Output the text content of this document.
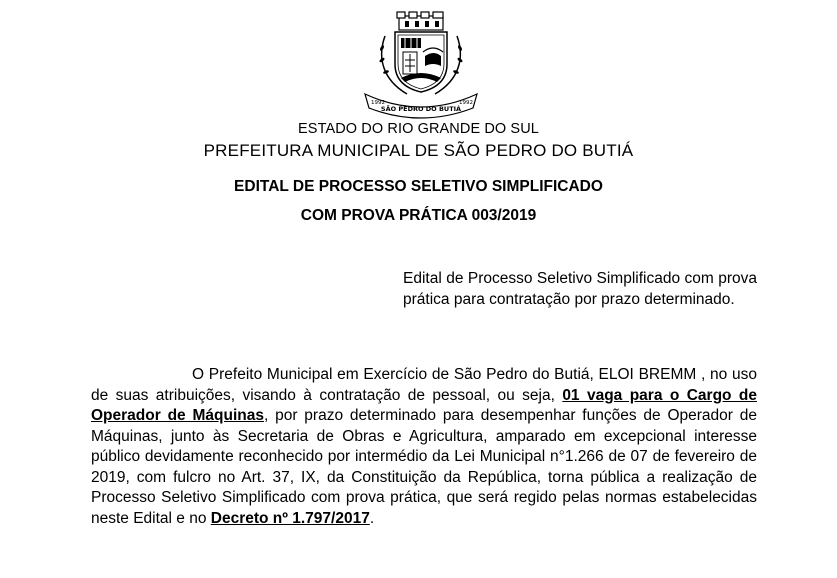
1992
SÃO PEDRO DO BUTIÁ
1992
ESTADO DO RIO GRANDE DO SUL
PREFEITURA MUNICIPAL DE SÃO PEDRO DO BUTIÁ
EDITAL DE PROCESSO SELETIVO SIMPLIFICADO
COM PROVA PRÁTICA 003/2019
Edital de Processo Seletivo Simplificado com prova prática para contratação por prazo determinado.
O Prefeito Municipal em Exercício de São Pedro do Butiá, ELOI BREMM , no uso de suas atribuições, visando à contratação de pessoal, ou seja, 01 vaga para o Cargo de Operador de Máquinas, por prazo determinado para desempenhar funções de Operador de Máquinas, junto às Secretaria de Obras e Agricultura, amparado em excepcional interesse público devidamente reconhecido por intermédio da Lei Municipal n°1.266 de 07 de fevereiro de 2019, com fulcro no Art. 37, IX, da Constituição da República, torna pública a realização de Processo Seletivo Simplificado com prova prática, que será regido pelas normas estabelecidas neste Edital e no Decreto nº 1.797/2017.
